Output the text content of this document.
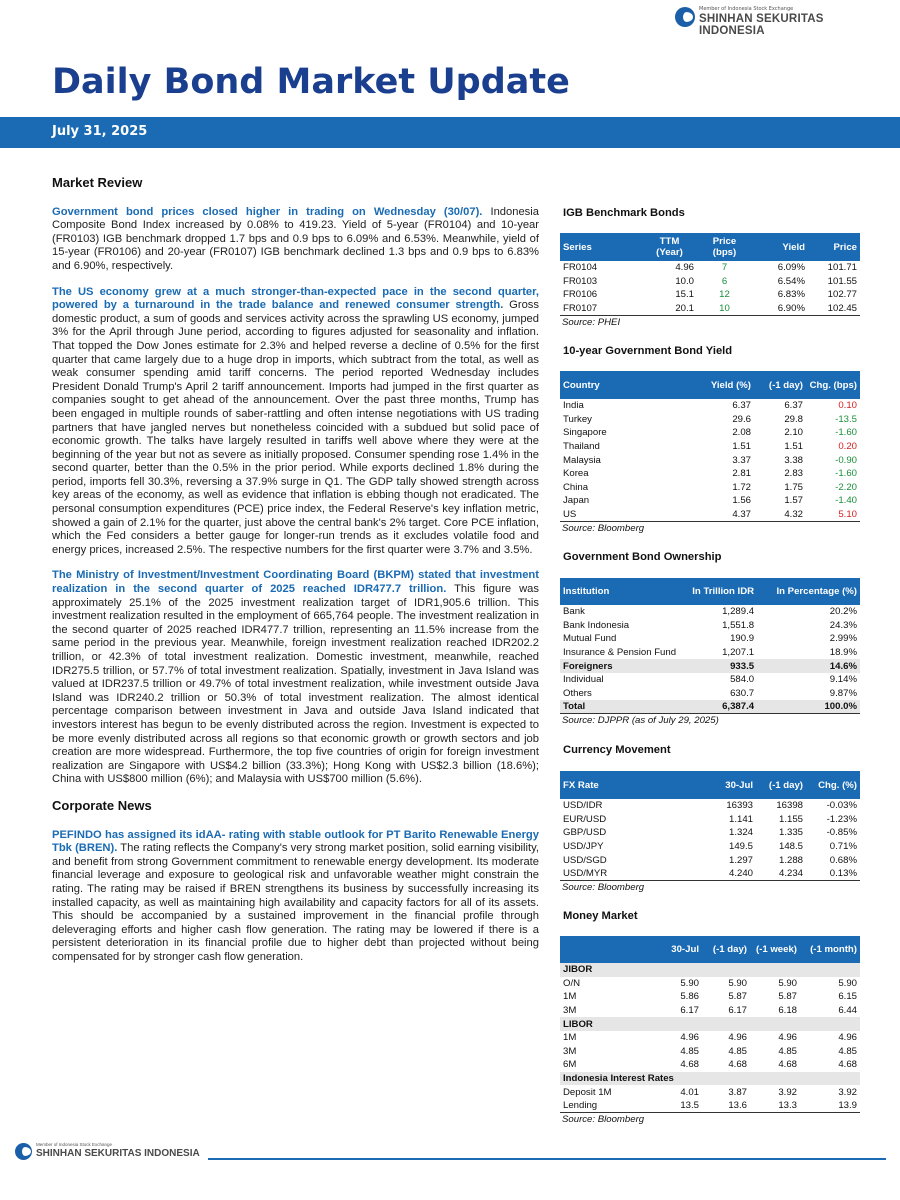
Member of Indonesia Stock Exchange
SHINHAN SEKURITAS INDONESIA
Daily Bond Market Update
July 31, 2025
Market Review

Government bond prices closed higher in trading on Wednesday (30/07). Indonesia Composite Bond Index increased by 0.08% to 419.23. Yield of 5-year (FR0104) and 10-year (FR0103) IGB benchmark dropped 1.7 bps and 0.9 bps to 6.09% and 6.53%. Meanwhile, yield of 15-year (FR0106) and 20-year (FR0107) IGB benchmark declined 1.3 bps and 0.9 bps to 6.83% and 6.90%, respectively.

The US economy grew at a much stronger-than-expected pace in the second quarter, powered by a turnaround in the trade balance and renewed consumer strength. Gross domestic product, a sum of goods and services activity across the sprawling US economy, jumped 3% for the April through June period, according to figures adjusted for seasonality and inflation. That topped the Dow Jones estimate for 2.3% and helped reverse a decline of 0.5% for the first quarter that came largely due to a huge drop in imports, which subtract from the total, as well as weak consumer spending amid tariff concerns. The period reported Wednesday includes President Donald Trump's April 2 tariff announcement. Imports had jumped in the first quarter as companies sought to get ahead of the announcement. Over the past three months, Trump has been engaged in multiple rounds of saber-rattling and often intense negotiations with US trading partners that have jangled nerves but nonetheless coincided with a subdued but solid pace of economic growth. The talks have largely resulted in tariffs well above where they were at the beginning of the year but not as severe as initially proposed. Consumer spending rose 1.4% in the second quarter, better than the 0.5% in the prior period. While exports declined 1.8% during the period, imports fell 30.3%, reversing a 37.9% surge in Q1. The GDP tally showed strength across key areas of the economy, as well as evidence that inflation is ebbing though not eradicated. The personal consumption expenditures (PCE) price index, the Federal Reserve's key inflation metric, showed a gain of 2.1% for the quarter, just above the central bank's 2% target. Core PCE inflation, which the Fed considers a better gauge for longer-run trends as it excludes volatile food and energy prices, increased 2.5%. The respective numbers for the first quarter were 3.7% and 3.5%.

The Ministry of Investment/Investment Coordinating Board (BKPM) stated that investment realization in the second quarter of 2025 reached IDR477.7 trillion. This figure was approximately 25.1% of the 2025 investment realization target of IDR1,905.6 trillion. This investment realization resulted in the employment of 665,764 people. The investment realization in the second quarter of 2025 reached IDR477.7 trillion, representing an 11.5% increase from the same period in the previous year. Meanwhile, foreign investment realization reached IDR202.2 trillion, or 42.3% of total investment realization. Domestic investment, meanwhile, reached IDR275.5 trillion, or 57.7% of total investment realization. Spatially, investment in Java Island was valued at IDR237.5 trillion or 49.7% of total investment realization, while investment outside Java Island was IDR240.2 trillion or 50.3% of total investment realization. The almost identical percentage comparison between investment in Java and outside Java Island indicated that investors interest has begun to be evenly distributed across the region. Investment is expected to be more evenly distributed across all regions so that economic growth or growth sectors and job creation are more widespread. Furthermore, the top five countries of origin for foreign investment realization are Singapore with US$4.2 billion (33.3%); Hong Kong with US$2.3 billion (18.6%); China with US$800 million (6%); and Malaysia with US$700 million (5.6%).

Corporate News

PEFINDO has assigned its idAA- rating with stable outlook for PT Barito Renewable Energy Tbk (BREN). The rating reflects the Company's very strong market position, solid earning visibility, and benefit from strong Government commitment to renewable energy development. Its moderate financial leverage and exposure to geological risk and unfavorable weather might constrain the rating. The rating may be raised if BREN strengthens its business by successfully increasing its installed capacity, as well as maintaining high availability and capacity factors for all of its assets. This should be accompanied by a sustained improvement in the financial profile through deleveraging efforts and higher cash flow generation. The rating may be lowered if there is a persistent deterioration in its financial profile due to higher debt than projected without being compensated for by stronger cash flow generation.

IGB Benchmark Bonds
Series	TTM (Year)	Price (bps)	Yield	Price
FR0104	4.96	7	6.09%	101.71
FR0103	10.0	6	6.54%	101.55
FR0106	15.1	12	6.83%	102.77
FR0107	20.1	10	6.90%	102.45
Source: PHEI
10-year Government Bond Yield
Country	Yield (%)	(-1 day)	Chg. (bps)
India	6.37	6.37	0.10
Turkey	29.6	29.8	-13.5
Singapore	2.08	2.10	-1.60
Thailand	1.51	1.51	0.20
Malaysia	3.37	3.38	-0.90
Korea	2.81	2.83	-1.60
China	1.72	1.75	-2.20
Japan	1.56	1.57	-1.40
US	4.37	4.32	5.10
Source: Bloomberg
Government Bond Ownership
Institution	In Trillion IDR	In Percentage (%)
Bank	1,289.4	20.2%
Bank Indonesia	1,551.8	24.3%
Mutual Fund	190.9	2.99%
Insurance & Pension Fund	1,207.1	18.9%
Foreigners	933.5	14.6%
Individual	584.0	9.14%
Others	630.7	9.87%
Total	6,387.4	100.0%
Source: DJPPR (as of July 29, 2025)
Currency Movement
FX Rate	30-Jul	(-1 day)	Chg. (%)
USD/IDR	16393	16398	-0.03%
EUR/USD	1.141	1.155	-1.23%
GBP/USD	1.324	1.335	-0.85%
USD/JPY	149.5	148.5	0.71%
USD/SGD	1.297	1.288	0.68%
USD/MYR	4.240	4.234	0.13%
Source: Bloomberg
Money Market
	30-Jul	(-1 day)	(-1 week)	(-1 month)
JIBOR				
O/N	5.90	5.90	5.90	5.90
1M	5.86	5.87	5.87	6.15
3M	6.17	6.17	6.18	6.44
LIBOR				
1M	4.96	4.96	4.96	4.96
3M	4.85	4.85	4.85	4.85
6M	4.68	4.68	4.68	4.68
Indonesia Interest Rates				
Deposit 1M	4.01	3.87	3.92	3.92
Lending	13.5	13.6	13.3	13.9
Source: Bloomberg
Member of Indonesia Stock Exchange
SHINHAN SEKURITAS INDONESIA
